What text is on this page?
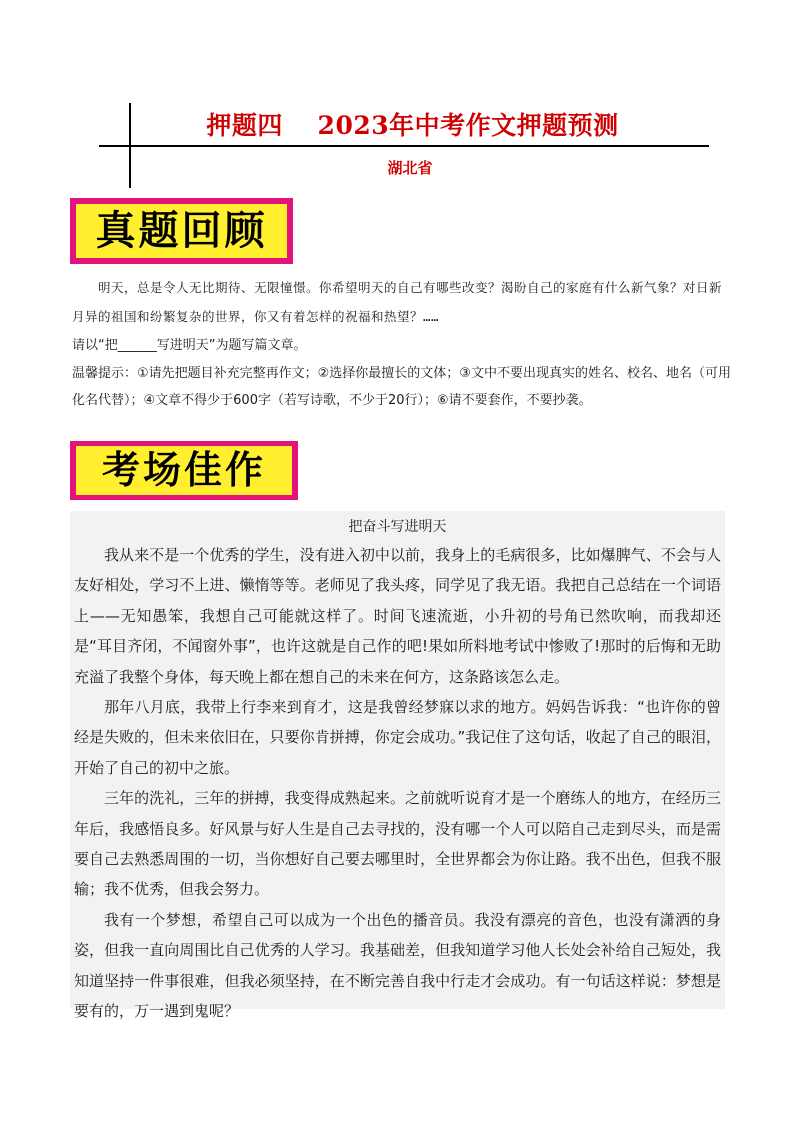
押题四　 2023年中考作文押题预测
湖北省
真题回顾

明天，总是令人无比期待、无限憧憬。你希望明天的自己有哪些改变？渴盼自己的家庭有什么新气象？对日新月异的祖国和纷繁复杂的世界，你又有着怎样的祝福和热望？……

请以“把______写进明天”为题写篇文章。

温馨提示：①请先把题目补充完整再作文；②选择你最擅长的文体；③文中不要出现真实的姓名、校名、地名（可用化名代替）；④文章不得少于600字（若写诗歌，不少于20行）；⑥请不要套作，不要抄袭。

考场佳作

把奋斗写进明天

我从来不是一个优秀的学生，没有进入初中以前，我身上的毛病很多，比如爆脾气、不会与人友好相处，学习不上进、懒惰等等。老师见了我头疼，同学见了我无语。我把自己总结在一个词语上——无知愚笨，我想自己可能就这样了。时间飞速流逝，小升初的号角已然吹响，而我却还是“耳目齐闭，不闻窗外事”，也许这就是自己作的吧!果如所料地考试中惨败了!那时的后悔和无助充溢了我整个身体，每天晚上都在想自己的未来在何方，这条路该怎么走。

那年八月底，我带上行李来到育才，这是我曾经梦寐以求的地方。妈妈告诉我：“也许你的曾经是失败的，但未来依旧在，只要你肯拼搏，你定会成功。”我记住了这句话，收起了自己的眼泪，开始了自己的初中之旅。

三年的洗礼，三年的拼搏，我变得成熟起来。之前就听说育才是一个磨练人的地方，在经历三年后，我感悟良多。好风景与好人生是自己去寻找的，没有哪一个人可以陪自己走到尽头，而是需要自己去熟悉周围的一切，当你想好自己要去哪里时，全世界都会为你让路。我不出色，但我不服输；我不优秀，但我会努力。

我有一个梦想，希望自己可以成为一个出色的播音员。我没有漂亮的音色，也没有潇洒的身姿，但我一直向周围比自己优秀的人学习。我基础差，但我知道学习他人长处会补给自己短处，我知道坚持一件事很难，但我必须坚持，在不断完善自我中行走才会成功。有一句话这样说：梦想是要有的，万一遇到鬼呢？
